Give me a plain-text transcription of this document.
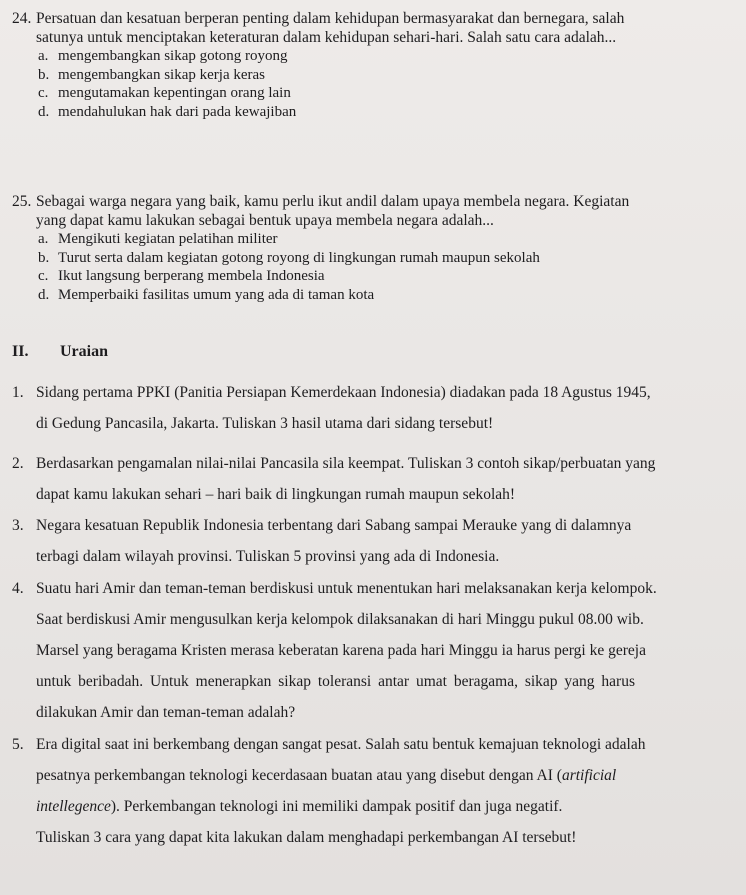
24. Persatuan dan kesatuan berperan penting dalam kehidupan bermasyarakat dan bernegara, salah
satunya untuk menciptakan keteraturan dalam kehidupan sehari-hari. Salah satu cara adalah...
a. mengembangkan sikap gotong royong
b. mengembangkan sikap kerja keras
c. mengutamakan kepentingan orang lain
d. mendahulukan hak dari pada kewajiban
25. Sebagai warga negara yang baik, kamu perlu ikut andil dalam upaya membela negara. Kegiatan
yang dapat kamu lakukan sebagai bentuk upaya membela negara adalah...
a. Mengikuti kegiatan pelatihan militer
b. Turut serta dalam kegiatan gotong royong di lingkungan rumah maupun sekolah
c. Ikut langsung berperang membela Indonesia
d. Memperbaiki fasilitas umum yang ada di taman kota
II. Uraian
1. Sidang pertama PPKI (Panitia Persiapan Kemerdekaan Indonesia) diadakan pada 18 Agustus 1945,
di Gedung Pancasila, Jakarta. Tuliskan 3 hasil utama dari sidang tersebut!
2. Berdasarkan pengamalan nilai-nilai Pancasila sila keempat. Tuliskan 3 contoh sikap/perbuatan yang
dapat kamu lakukan sehari – hari baik di lingkungan rumah maupun sekolah!
3. Negara kesatuan Republik Indonesia terbentang dari Sabang sampai Merauke yang di dalamnya
terbagi dalam wilayah provinsi. Tuliskan 5 provinsi yang ada di Indonesia.
4. Suatu hari Amir dan teman-teman berdiskusi untuk menentukan hari melaksanakan kerja kelompok.
Saat berdiskusi Amir mengusulkan kerja kelompok dilaksanakan di hari Minggu pukul 08.00 wib.
Marsel yang beragama Kristen merasa keberatan karena pada hari Minggu ia harus pergi ke gereja
untuk beribadah. Untuk menerapkan sikap toleransi antar umat beragama, sikap yang harus
dilakukan Amir dan teman-teman adalah?
5. Era digital saat ini berkembang dengan sangat pesat. Salah satu bentuk kemajuan teknologi adalah
pesatnya perkembangan teknologi kecerdasaan buatan atau yang disebut dengan AI (artificial
intellegence). Perkembangan teknologi ini memiliki dampak positif dan juga negatif.
Tuliskan 3 cara yang dapat kita lakukan dalam menghadapi perkembangan AI tersebut!
